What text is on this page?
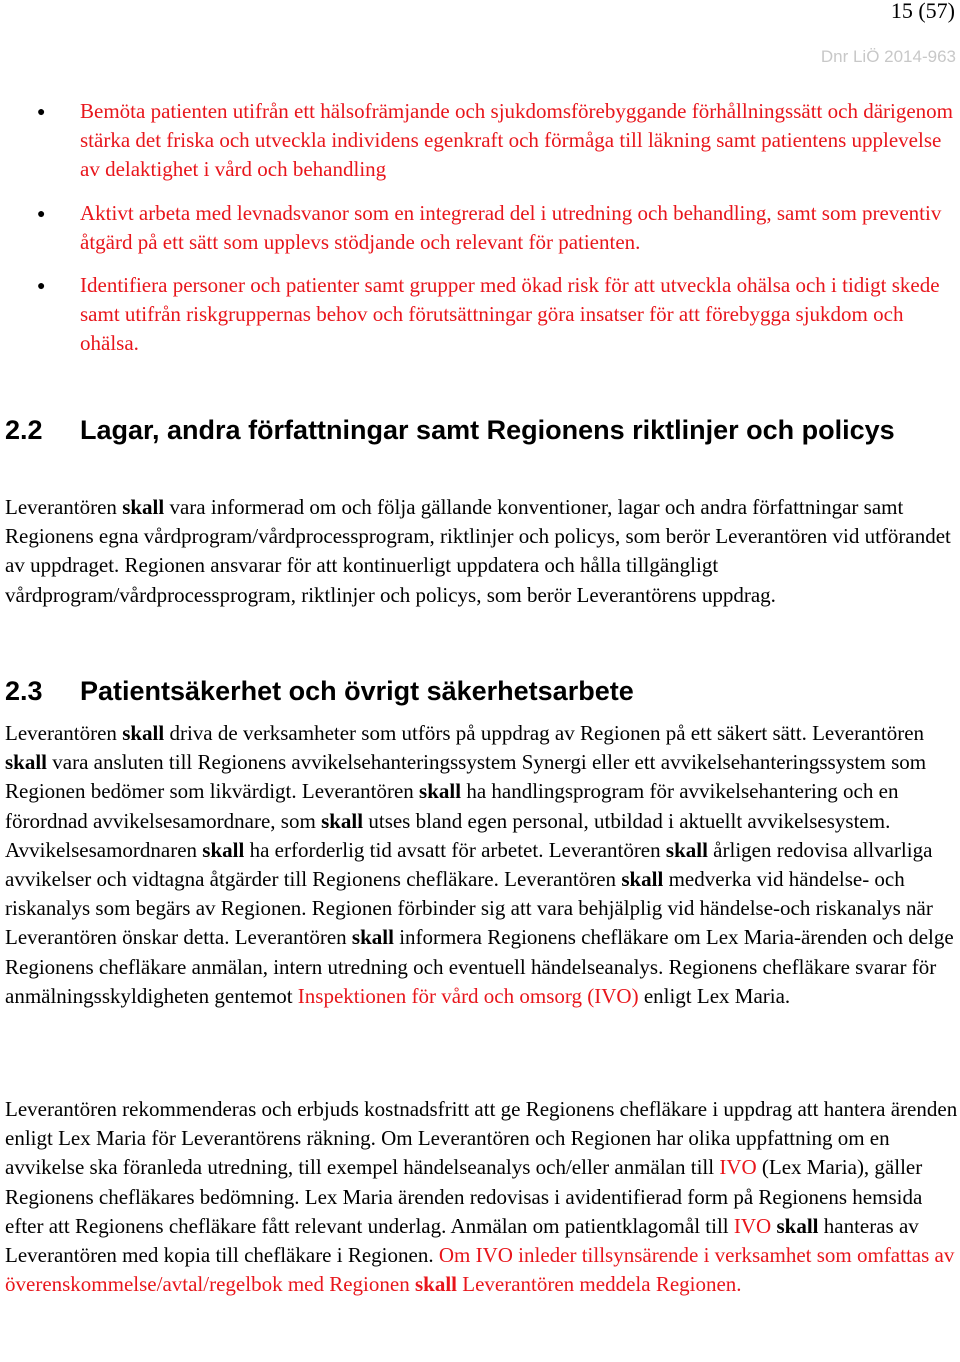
15 (57)
Dnr LiÖ 2014-963
● Bemöta patienten utifrån ett hälsofrämjande och sjukdomsförebyggande förhållningssätt och därigenom stärka det friska och utveckla individens egenkraft och förmåga till läkning samt patientens upplevelse av delaktighet i vård och behandling
● Aktivt arbeta med levnadsvanor som en integrerad del i utredning och behandling, samt som preventiv åtgärd på ett sätt som upplevs stödjande och relevant för patienten.
● Identifiera personer och patienter samt grupper med ökad risk för att utveckla ohälsa och i tidigt skede samt utifrån riskgruppernas behov och förutsättningar göra insatser för att förebygga sjukdom och ohälsa.
2.2	Lagar, andra författningar samt Regionens riktlinjer och policys

Leverantören skall vara informerad om och följa gällande konventioner, lagar och andra författningar samt Regionens egna vårdprogram/vårdprocessprogram, riktlinjer och policys, som berör Leverantören vid utförandet av uppdraget. Regionen ansvarar för att kontinuerligt uppdatera och hålla tillgängligt vårdprogram/vårdprocessprogram, riktlinjer och policys, som berör Leverantörens uppdrag.

2.3	Patientsäkerhet och övrigt säkerhetsarbete

Leverantören skall driva de verksamheter som utförs på uppdrag av Regionen på ett säkert sätt. Leverantören skall vara ansluten till Regionens avvikelsehanteringssystem Synergi eller ett avvikelsehanteringssystem som Regionen bedömer som likvärdigt. Leverantören skall ha handlingsprogram för avvikelsehantering och en förordnad avvikelsesamordnare, som skall utses bland egen personal, utbildad i aktuellt avvikelsesystem. Avvikelsesamordnaren skall ha erforderlig tid avsatt för arbetet. Leverantören skall årligen redovisa allvarliga avvikelser och vidtagna åtgärder till Regionens chefläkare. Leverantören skall medverka vid händelse- och riskanalys som begärs av Regionen. Regionen förbinder sig att vara behjälplig vid händelse-och riskanalys när Leverantören önskar detta. Leverantören skall informera Regionens chefläkare om Lex Maria-ärenden och delge Regionens chefläkare anmälan, intern utredning och eventuell händelseanalys. Regionens chefläkare svarar för anmälningsskyldigheten gentemot Inspektionen för vård och omsorg (IVO) enligt Lex Maria.

Leverantören rekommenderas och erbjuds kostnadsfritt att ge Regionens chefläkare i uppdrag att hantera ärenden enligt Lex Maria för Leverantörens räkning. Om Leverantören och Regionen har olika uppfattning om en avvikelse ska föranleda utredning, till exempel händelseanalys och/eller anmälan till IVO (Lex Maria), gäller Regionens chefläkares bedömning. Lex Maria ärenden redovisas i avidentifierad form på Regionens hemsida efter att Regionens chefläkare fått relevant underlag. Anmälan om patientklagomål till IVO skall hanteras av Leverantören med kopia till chefläkare i Regionen. Om IVO inleder tillsynsärende i verksamhet som omfattas av överenskommelse/avtal/regelbok med Regionen skall Leverantören meddela Regionen.
